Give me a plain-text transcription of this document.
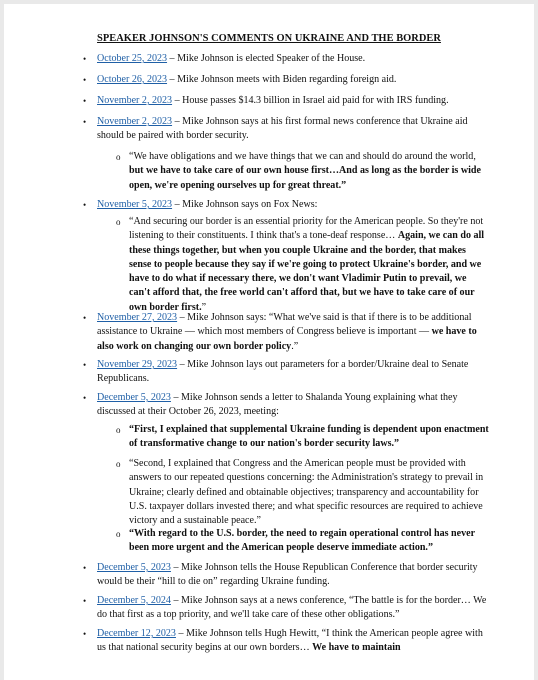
SPEAKER JOHNSON'S COMMENTS ON UKRAINE AND THE BORDER
• October 25, 2023 – Mike Johnson is elected Speaker of the House.
• October 26, 2023 – Mike Johnson meets with Biden regarding foreign aid.
• November 2, 2023 – House passes $14.3 billion in Israel aid paid for with IRS funding.
• November 2, 2023 – Mike Johnson says at his first formal news conference that Ukraine aid should be paired with border security.
o “We have obligations and we have things that we can and should do around the world, but we have to take care of our own house first…And as long as the border is wide open, we're opening ourselves up for great threat.”
• November 5, 2023 – Mike Johnson says on Fox News:
o “And securing our border is an essential priority for the American people. So they're not listening to their constituents. I think that's a tone-deaf response… Again, we can do all these things together, but when you couple Ukraine and the border, that makes sense to people because they say if we're going to protect Ukraine's border, and we have to do what if necessary there, we don't want Vladimir Putin to prevail, we can't afford that, the free world can't afford that, but we have to take care of our own border first.”
• November 27, 2023 – Mike Johnson says: “What we've said is that if there is to be additional assistance to Ukraine — which most members of Congress believe is important — we have to also work on changing our own border policy.”
• November 29, 2023 – Mike Johnson lays out parameters for a border/Ukraine deal to Senate Republicans.
• December 5, 2023 – Mike Johnson sends a letter to Shalanda Young explaining what they discussed at their October 26, 2023, meeting:
o “First, I explained that supplemental Ukraine funding is dependent upon enactment of transformative change to our nation's border security laws.”
o “Second, I explained that Congress and the American people must be provided with answers to our repeated questions concerning: the Administration's strategy to prevail in Ukraine; clearly defined and obtainable objectives; transparency and accountability for U.S. taxpayer dollars invested there; and what specific resources are required to achieve victory and a sustainable peace.”
o “With regard to the U.S. border, the need to regain operational control has never been more urgent and the American people deserve immediate action.”
• December 5, 2023 – Mike Johnson tells the House Republican Conference that border security would be their “hill to die on” regarding Ukraine funding.
• December 5, 2024 – Mike Johnson says at a news conference, “The battle is for the border… We do that first as a top priority, and we'll take care of these other obligations.”
• December 12, 2023 – Mike Johnson tells Hugh Hewitt, “I think the American people agree with us that national security begins at our own borders… We have to maintain
